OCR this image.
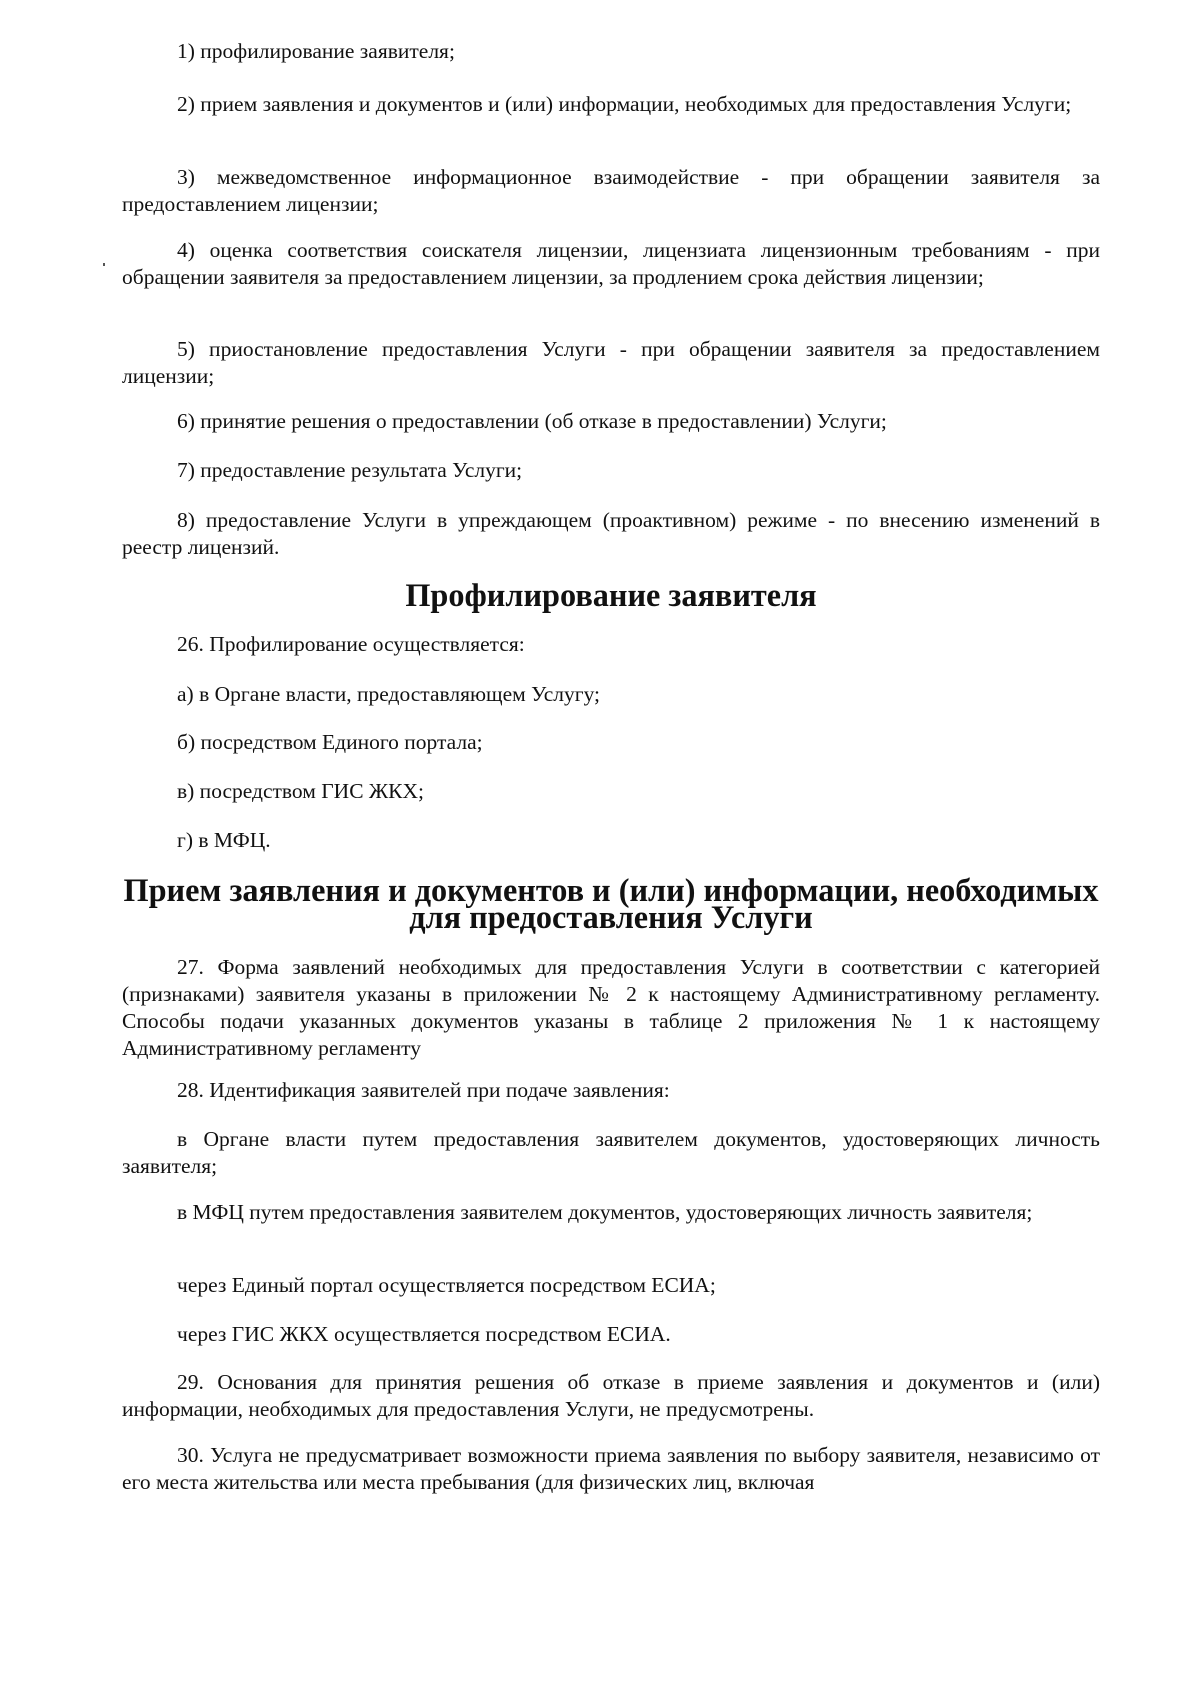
1) профилирование заявителя;

2) прием заявления и документов и (или) информации, необходимых для предоставления Услуги;

3) межведомственное информационное взаимодействие - при обращении заявителя за предоставлением лицензии;

4) оценка соответствия соискателя лицензии, лицензиата лицензионным требованиям - при обращении заявителя за предоставлением лицензии, за продлением срока действия лицензии;

5) приостановление предоставления Услуги - при обращении заявителя за предоставлением лицензии;

6) принятие решения о предоставлении (об отказе в предоставлении) Услуги;

7) предоставление результата Услуги;

8) предоставление Услуги в упреждающем (проактивном) режиме - по внесению изменений в реестр лицензий.

Профилирование заявителя

26. Профилирование осуществляется:

а) в Органе власти, предоставляющем Услугу;

б) посредством Единого портала;

в) посредством ГИС ЖКХ;

г) в МФЦ.

Прием заявления и документов и (или) информации, необходимых
для предоставления Услуги

27. Форма заявлений необходимых для предоставления Услуги в соответствии с категорией (признаками) заявителя указаны в приложении № 2 к настоящему Административному регламенту. Способы подачи указанных документов указаны в таблице 2 приложения № 1 к настоящему Административному регламенту

28. Идентификация заявителей при подаче заявления:

в Органе власти путем предоставления заявителем документов, удостоверяющих личность заявителя;

в МФЦ путем предоставления заявителем документов, удостоверяющих личность заявителя;

через Единый портал осуществляется посредством ЕСИА;

через ГИС ЖКХ осуществляется посредством ЕСИА.

29. Основания для принятия решения об отказе в приеме заявления и документов и (или) информации, необходимых для предоставления Услуги, не предусмотрены.

30. Услуга не предусматривает возможности приема заявления по выбору заявителя, независимо от его места жительства или места пребывания (для физических лиц, включая
